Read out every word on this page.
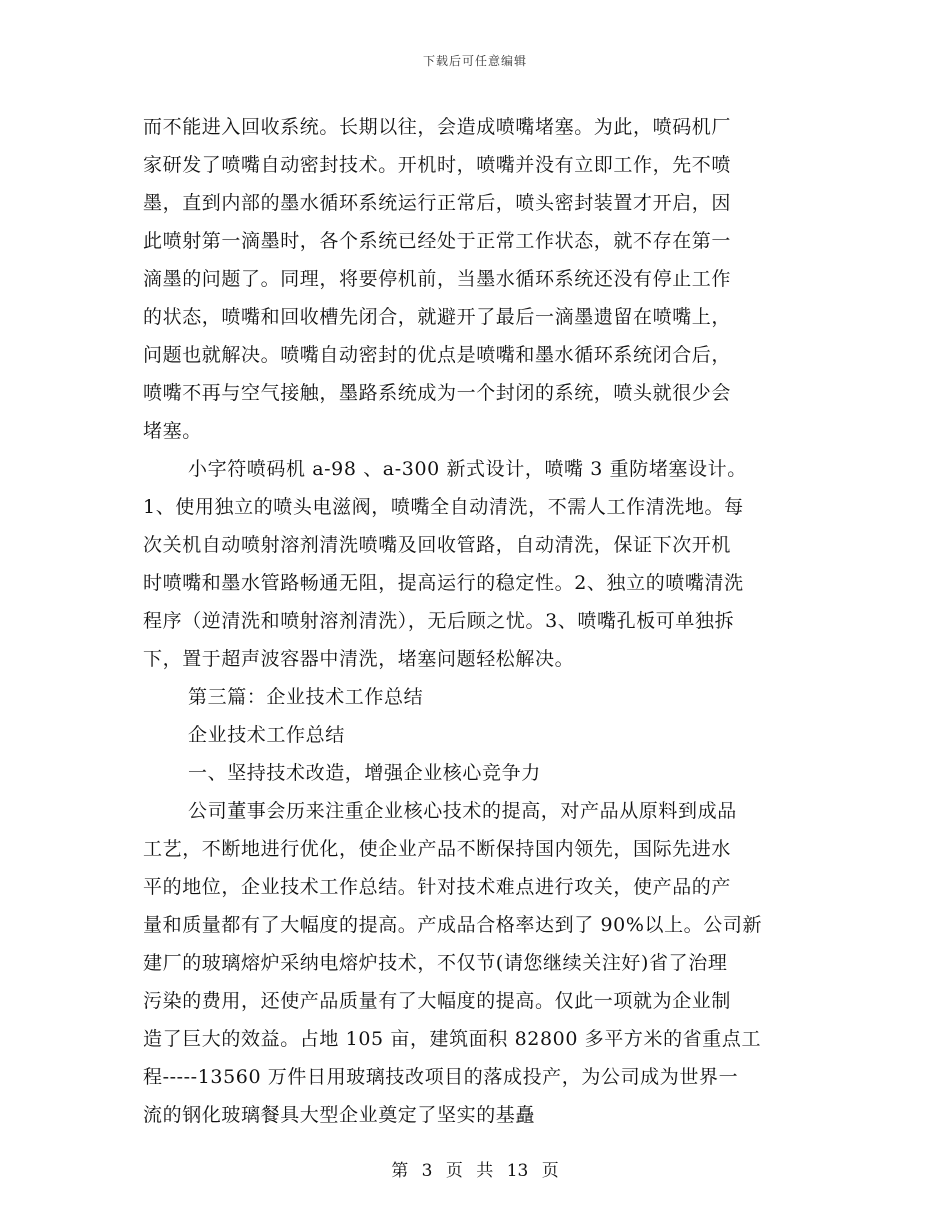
下载后可任意编辑
而不能进入回收系统。长期以往，会造成喷嘴堵塞。为此，喷码机厂
家研发了喷嘴自动密封技术。开机时，喷嘴并没有立即工作，先不喷
墨，直到内部的墨水循环系统运行正常后，喷头密封装置才开启，因
此喷射第一滴墨时，各个系统已经处于正常工作状态，就不存在第一
滴墨的问题了。同理，将要停机前，当墨水循环系统还没有停止工作
的状态，喷嘴和回收槽先闭合，就避开了最后一滴墨遗留在喷嘴上，
问题也就解决。喷嘴自动密封的优点是喷嘴和墨水循环系统闭合后，
喷嘴不再与空气接触，墨路系统成为一个封闭的系统，喷头就很少会
堵塞。
小字符喷码机 a-98 、a-300 新式设计，喷嘴 3 重防堵塞设计。
1、使用独立的喷头电滋阀，喷嘴全自动清洗，不需人工作清洗地。每
次关机自动喷射溶剂清洗喷嘴及回收管路，自动清洗，保证下次开机
时喷嘴和墨水管路畅通无阻，提高运行的稳定性。2、独立的喷嘴清洗
程序（逆清洗和喷射溶剂清洗），无后顾之忧。3、喷嘴孔板可单独拆
下，置于超声波容器中清洗，堵塞问题轻松解决。
第三篇：企业技术工作总结
企业技术工作总结
一、坚持技术改造，增强企业核心竞争力
公司董事会历来注重企业核心技术的提高，对产品从原料到成品
工艺，不断地进行优化，使企业产品不断保持国内领先，国际先进水
平的地位，企业技术工作总结。针对技术难点进行攻关，使产品的产
量和质量都有了大幅度的提高。产成品合格率达到了 90%以上。公司新
建厂的玻璃熔炉采纳电熔炉技术，不仅节(请您继续关注好)省了治理
污染的费用，还使产品质量有了大幅度的提高。仅此一项就为企业制
造了巨大的效益。占地 105 亩，建筑面积 82800 多平方米的省重点工
程-----13560 万件日用玻璃技改项目的落成投产，为公司成为世界一
流的钢化玻璃餐具大型企业奠定了坚实的基矗
第 3 页 共 13 页
